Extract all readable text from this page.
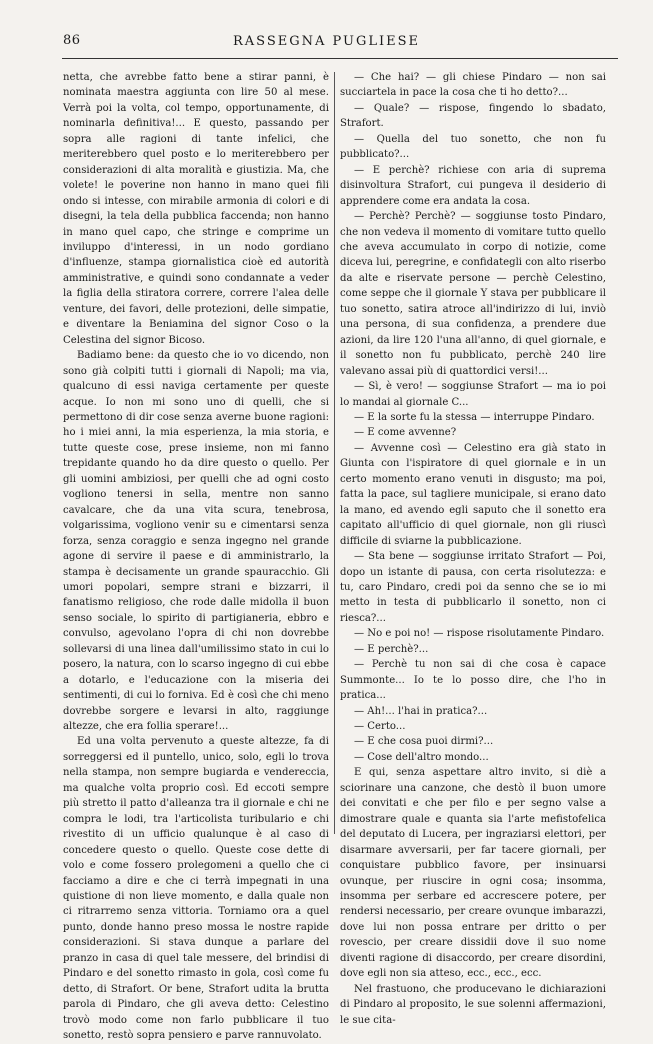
86	RASSEGNA PUGLIESE

netta, che avrebbe fatto bene a stirar panni, è nominata maestra aggiunta con lire 50 al mese. Verrà poi la volta, col tempo, opportunamente, di nominarla definitiva!... E questo, passando per sopra alle ragioni di tante infelici, che meriterebbero quel posto e lo meriterebbero per considerazioni di alta moralità e giustizia. Ma, che volete! le poverine non hanno in mano quei fili ondo si intesse, con mirabile armonia di colori e di disegni, la tela della pubblica faccenda; non hanno in mano quel capo, che stringe e comprime un inviluppo d'interessi, in un nodo gordiano d'influenze, stampa giornalistica cioè ed autorità amministrative, e quindi sono condannate a veder la figlia della stiratora correre, correre l'alea delle venture, dei favori, delle protezioni, delle simpatie, e diventare la Beniamina del signor Coso o la Celestina del signor Bicoso.

Badiamo bene: da questo che io vo dicendo, non sono già colpiti tutti i giornali di Napoli; ma via, qualcuno di essi naviga certamente per queste acque. Io non mi sono uno di quelli, che si permettono di dir cose senza averne buone ragioni: ho i miei anni, la mia esperienza, la mia storia, e tutte queste cose, prese insieme, non mi fanno trepidante quando ho da dire questo o quello. Per gli uomini ambiziosi, per quelli che ad ogni costo vogliono tenersi in sella, mentre non sanno cavalcare, che da una vita scura, tenebrosa, volgarissima, vogliono venir su e cimentarsi senza forza, senza coraggio e senza ingegno nel grande agone di servire il paese e di amministrarlo, la stampa è decisamente un grande spauracchio. Gli umori popolari, sempre strani e bizzarri, il fanatismo religioso, che rode dalle midolla il buon senso sociale, lo spirito di partigianeria, ebbro e convulso, agevolano l'opra di chi non dovrebbe sollevarsi di una linea dall'umilissimo stato in cui lo posero, la natura, con lo scarso ingegno di cui ebbe a dotarlo, e l'educazione con la miseria dei sentimenti, di cui lo forniva. Ed è così che chi meno dovrebbe sorgere e levarsi in alto, raggiunge altezze, che era follia sperare!...

Ed una volta pervenuto a queste altezze, fa di sorreggersi ed il puntello, unico, solo, egli lo trova nella stampa, non sempre bugiarda e vendereccia, ma qualche volta proprio così. Ed eccoti sempre più stretto il patto d'alleanza tra il giornale e chi ne compra le lodi, tra l'articolista turibulario e chi rivestito di un ufficio qualunque è al caso di concedere questo o quello. Queste cose dette di volo e come fossero prolegomeni a quello che ci facciamo a dire e che ci terrà impegnati in una quistione di non lieve momento, e dalla quale non ci ritrarremo senza vittoria. Torniamo ora a quel punto, donde hanno preso mossa le nostre rapide considerazioni. Si stava dunque a parlare del pranzo in casa di quel tale messere, del brindisi di Pindaro e del sonetto rimasto in gola, così come fu detto, di Strafort. Or bene, Strafort udita la brutta parola di Pindaro, che gli aveva detto: Celestino trovò modo come non farlo pubblicare il tuo sonetto, restò sopra pensiero e parve rannuvolato.

— Che hai? — gli chiese Pindaro — non sai succiartela in pace la cosa che ti ho detto?...

— Quale? — rispose, fingendo lo sbadato, Strafort.

— Quella del tuo sonetto, che non fu pubblicato?...

— E perchè? richiese con aria di suprema disinvoltura Strafort, cui pungeva il desiderio di apprendere come era andata la cosa.

— Perchè? Perchè? — soggiunse tosto Pindaro, che non vedeva il momento di vomitare tutto quello che aveva accumulato in corpo di notizie, come diceva lui, peregrine, e confidategli con alto riserbo da alte e riservate persone — perchè Celestino, come seppe che il giornale Y stava per pubblicare il tuo sonetto, satira atroce all'indirizzo di lui, inviò una persona, di sua confidenza, a prendere due azioni, da lire 120 l'una all'anno, di quel giornale, e il sonetto non fu pubblicato, perchè 240 lire valevano assai più di quattordici versi!...

— Sì, è vero! — soggiunse Strafort — ma io poi lo mandai al giornale C...

— E la sorte fu la stessa — interruppe Pindaro.

— E come avvenne?

— Avvenne così — Celestino era già stato in Giunta con l'ispiratore di quel giornale e in un certo momento erano venuti in disgusto; ma poi, fatta la pace, sul tagliere municipale, si erano dato la mano, ed avendo egli saputo che il sonetto era capitato all'ufficio di quel giornale, non gli riuscì difficile di sviarne la pubblicazione.

— Sta bene — soggiunse irritato Strafort — Poi, dopo un istante di pausa, con certa risolutezza: e tu, caro Pindaro, credi poi da senno che se io mi metto in testa di pubblicarlo il sonetto, non ci riesca?...

— No e poi no! — rispose risolutamente Pindaro.

— E perchè?...

— Perchè tu non sai di che cosa è capace Summonte... Io te lo posso dire, che l'ho in pratica...

— Ah!... l'hai in pratica?...

— Certo...

— E che cosa puoi dirmi?...

— Cose dell'altro mondo...

E qui, senza aspettare altro invito, si diè a sciorinare una canzone, che destò il buon umore dei convitati e che per filo e per segno valse a dimostrare quale e quanta sia l'arte mefistofelica del deputato di Lucera, per ingraziarsi elettori, per disarmare avversarii, per far tacere giornali, per conquistare pubblico favore, per insinuarsi ovunque, per riuscire in ogni cosa; insomma, insomma per serbare ed accrescere potere, per rendersi necessario, per creare ovunque imbarazzi, dove lui non possa entrare per dritto o per rovescio, per creare dissidii dove il suo nome diventi ragione di disaccordo, per creare disordini, dove egli non sia atteso, ecc., ecc., ecc.

Nel frastuono, che producevano le dichiarazioni di Pindaro al proposito, le sue solenni affermazioni, le sue cita-
